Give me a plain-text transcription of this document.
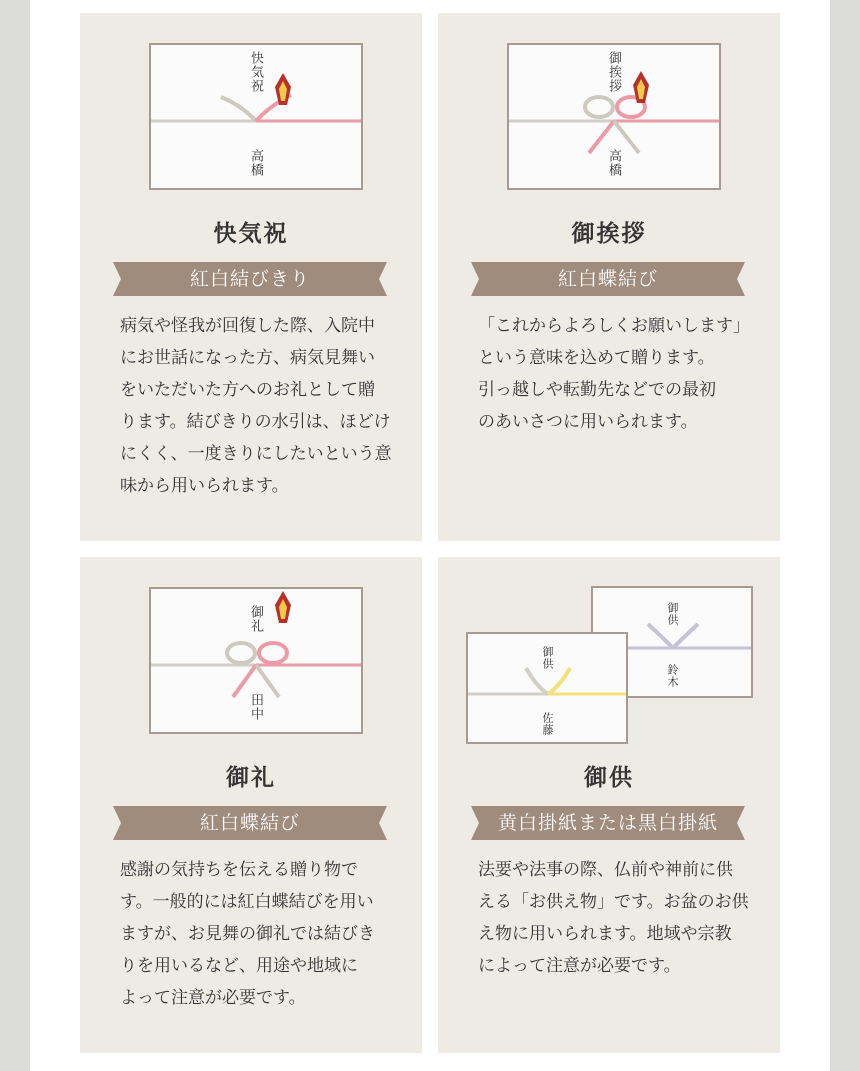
快気祝
高橋
快気祝
紅白結びきり
病気や怪我が回復した際、入院中
にお世話になった方、病気見舞い
をいただいた方へのお礼として贈
ります。結びきりの水引は、ほどけ
にくく、一度きりにしたいという意
味から用いられます。
御挨拶
高橋
御挨拶
紅白蝶結び
「これからよろしくお願いします」
という意味を込めて贈ります。
引っ越しや転勤先などでの最初
のあいさつに用いられます。
御礼
田中
御礼
紅白蝶結び
感謝の気持ちを伝える贈り物で
す。一般的には紅白蝶結びを用い
ますが、お見舞の御礼では結びき
りを用いるなど、用途や地域に
よって注意が必要です。
御供
鈴木
御供
佐藤
御供
黄白掛紙または黒白掛紙
法要や法事の際、仏前や神前に供
える「お供え物」です。お盆のお供
え物に用いられます。地域や宗教
によって注意が必要です。
